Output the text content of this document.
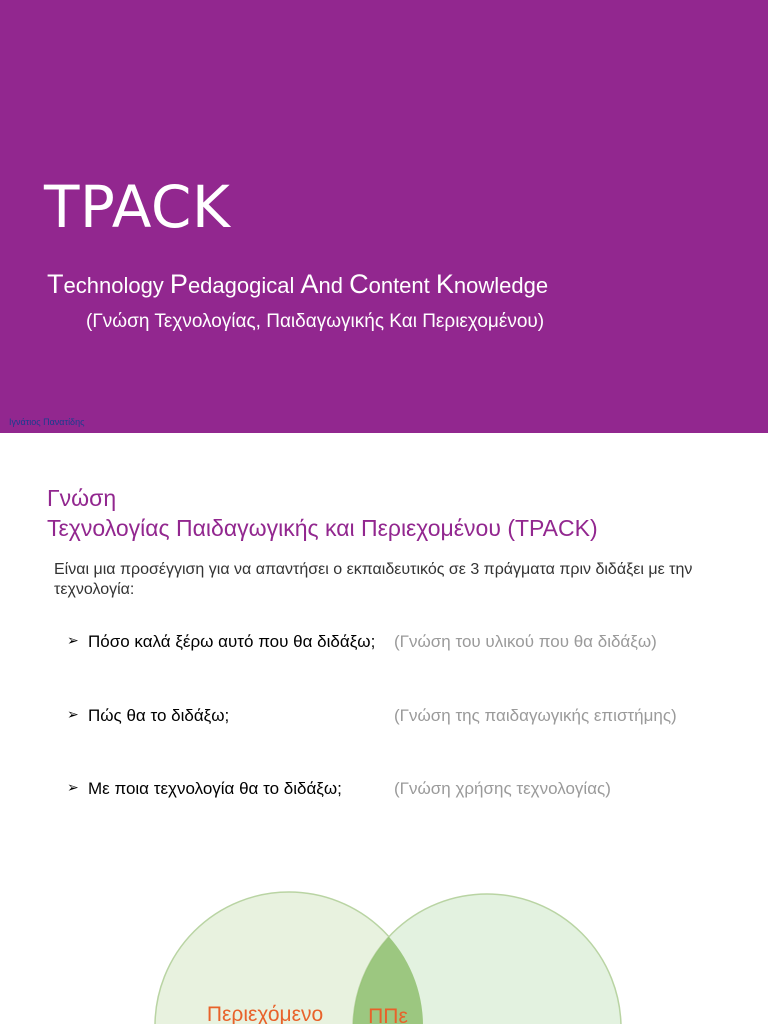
TPACK
Technology Pedagogical And Content Knowledge
(Γνώση Τεχνολογίας, Παιδαγωγικής Και Περιεχομένου)
Ιγνάτιος Πανατίδης
Γνώση
Τεχνολογίας Παιδαγωγικής και Περιεχομένου (TPACK)
Είναι μια προσέγγιση για να απαντήσει ο εκπαιδευτικός σε 3 πράγματα πριν διδάξει με την τεχνολογία:
➢ Πόσο καλά ξέρω αυτό που θα διδάξω; (Γνώση του υλικού που θα διδάξω)
➢ Πώς θα το διδάξω;	(Γνώση της παιδαγωγικής επιστήμης)
➢ Με ποια τεχνολογία θα το διδάξω;	(Γνώση χρήσης τεχνολογίας)
Περιεχόμενο ΠΠε
